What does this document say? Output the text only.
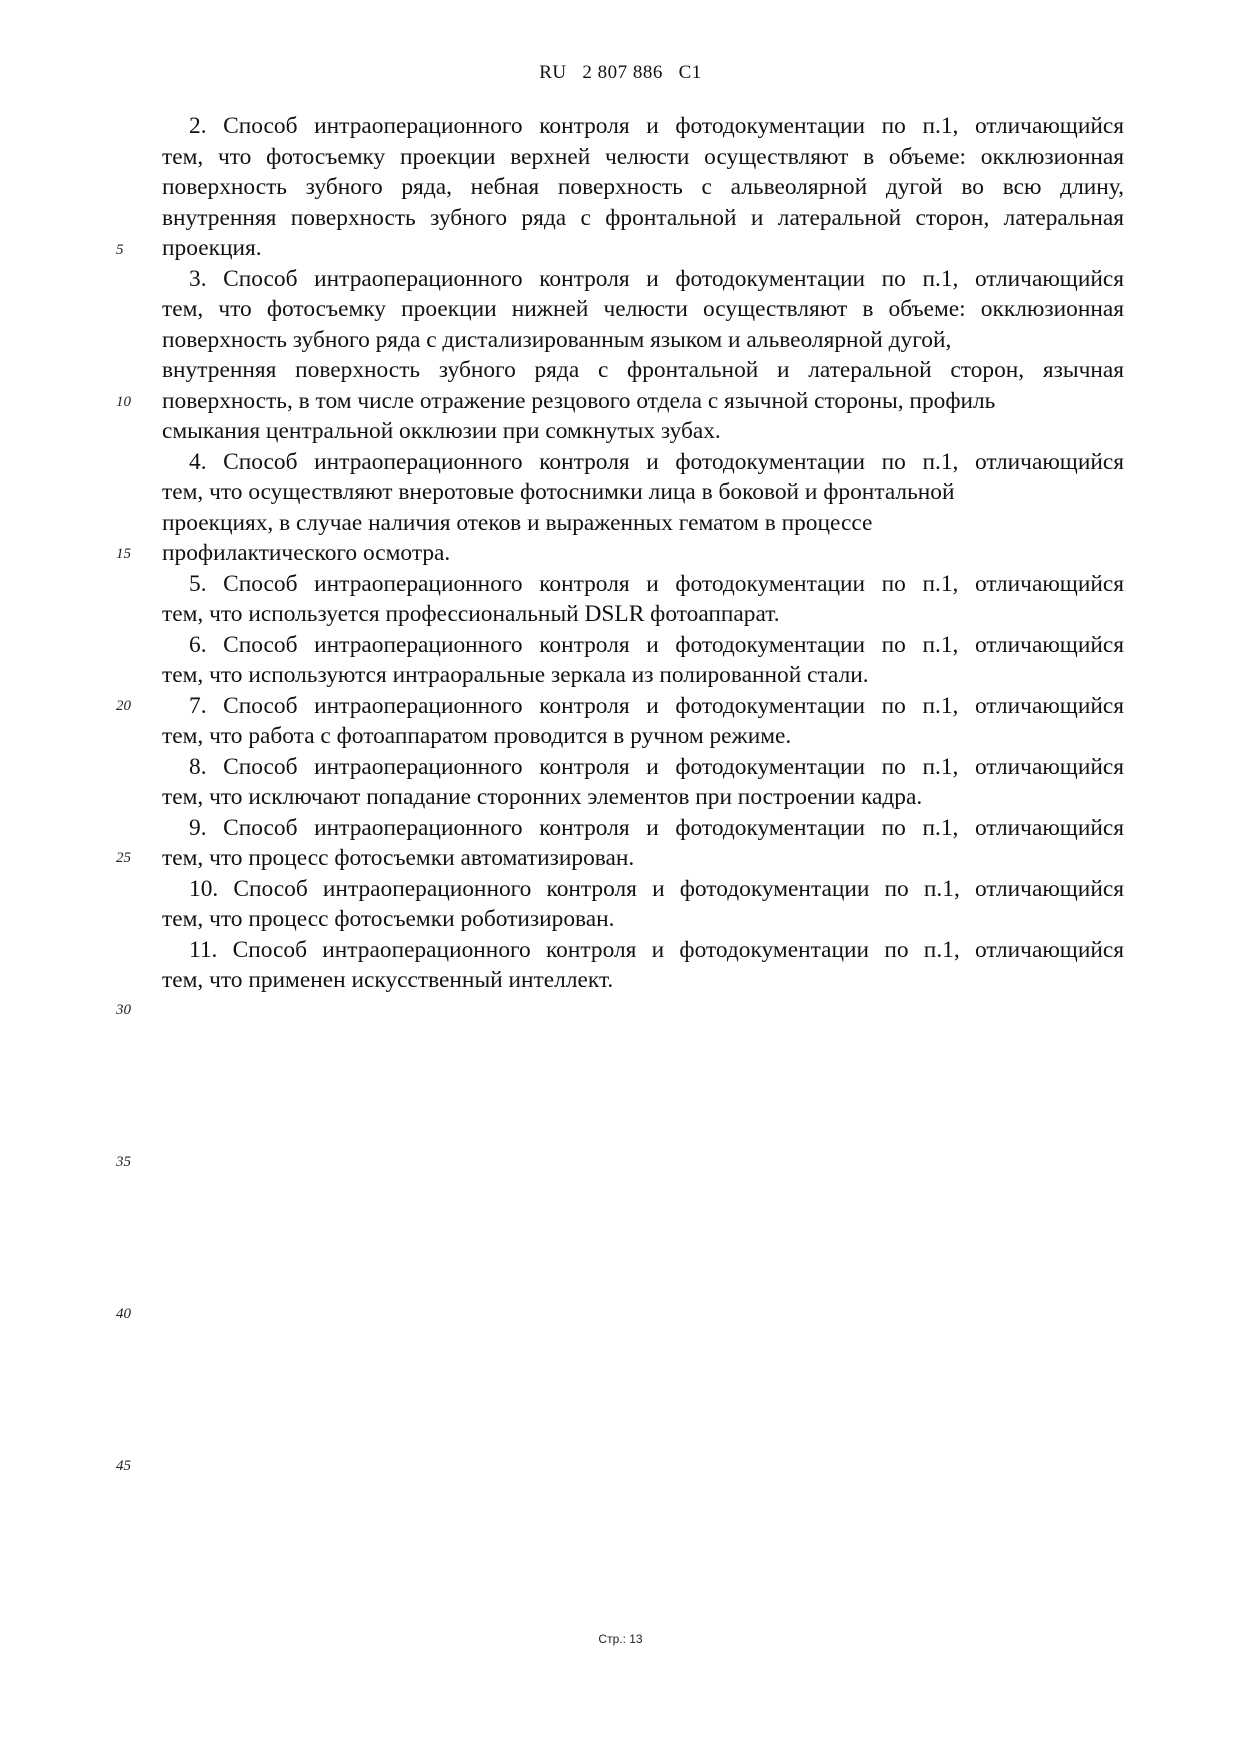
RU   2 807 886   C1
2. Способ интраоперационного контроля и фотодокументации по п.1, отличающийся
тем, что фотосъемку проекции верхней челюсти осуществляют в объеме: окклюзионная
поверхность зубного ряда, небная поверхность с альвеолярной дугой во всю длину,
внутренняя поверхность зубного ряда с фронтальной и латеральной сторон, латеральная
проекция.
3. Способ интраоперационного контроля и фотодокументации по п.1, отличающийся
тем, что фотосъемку проекции нижней челюсти осуществляют в объеме: окклюзионная
поверхность зубного ряда с дистализированным языком и альвеолярной дугой,
внутренняя поверхность зубного ряда с фронтальной и латеральной сторон, язычная
поверхность, в том числе отражение резцового отдела с язычной стороны, профиль
смыкания центральной окклюзии при сомкнутых зубах.
4. Способ интраоперационного контроля и фотодокументации по п.1, отличающийся
тем, что осуществляют внеротовые фотоснимки лица в боковой и фронтальной
проекциях, в случае наличия отеков и выраженных гематом в процессе
профилактического осмотра.
5. Способ интраоперационного контроля и фотодокументации по п.1, отличающийся
тем, что используется профессиональный DSLR фотоаппарат.
6. Способ интраоперационного контроля и фотодокументации по п.1, отличающийся
тем, что используются интраоральные зеркала из полированной стали.
7. Способ интраоперационного контроля и фотодокументации по п.1, отличающийся
тем, что работа с фотоаппаратом проводится в ручном режиме.
8. Способ интраоперационного контроля и фотодокументации по п.1, отличающийся
тем, что исключают попадание сторонних элементов при построении кадра.
9. Способ интраоперационного контроля и фотодокументации по п.1, отличающийся
тем, что процесс фотосъемки автоматизирован.
10. Способ интраоперационного контроля и фотодокументации по п.1, отличающийся
тем, что процесс фотосъемки роботизирован.
11. Способ интраоперационного контроля и фотодокументации по п.1, отличающийся
тем, что применен искусственный интеллект.
5
10
15
20
25
30
35
40
45
Стр.: 13
